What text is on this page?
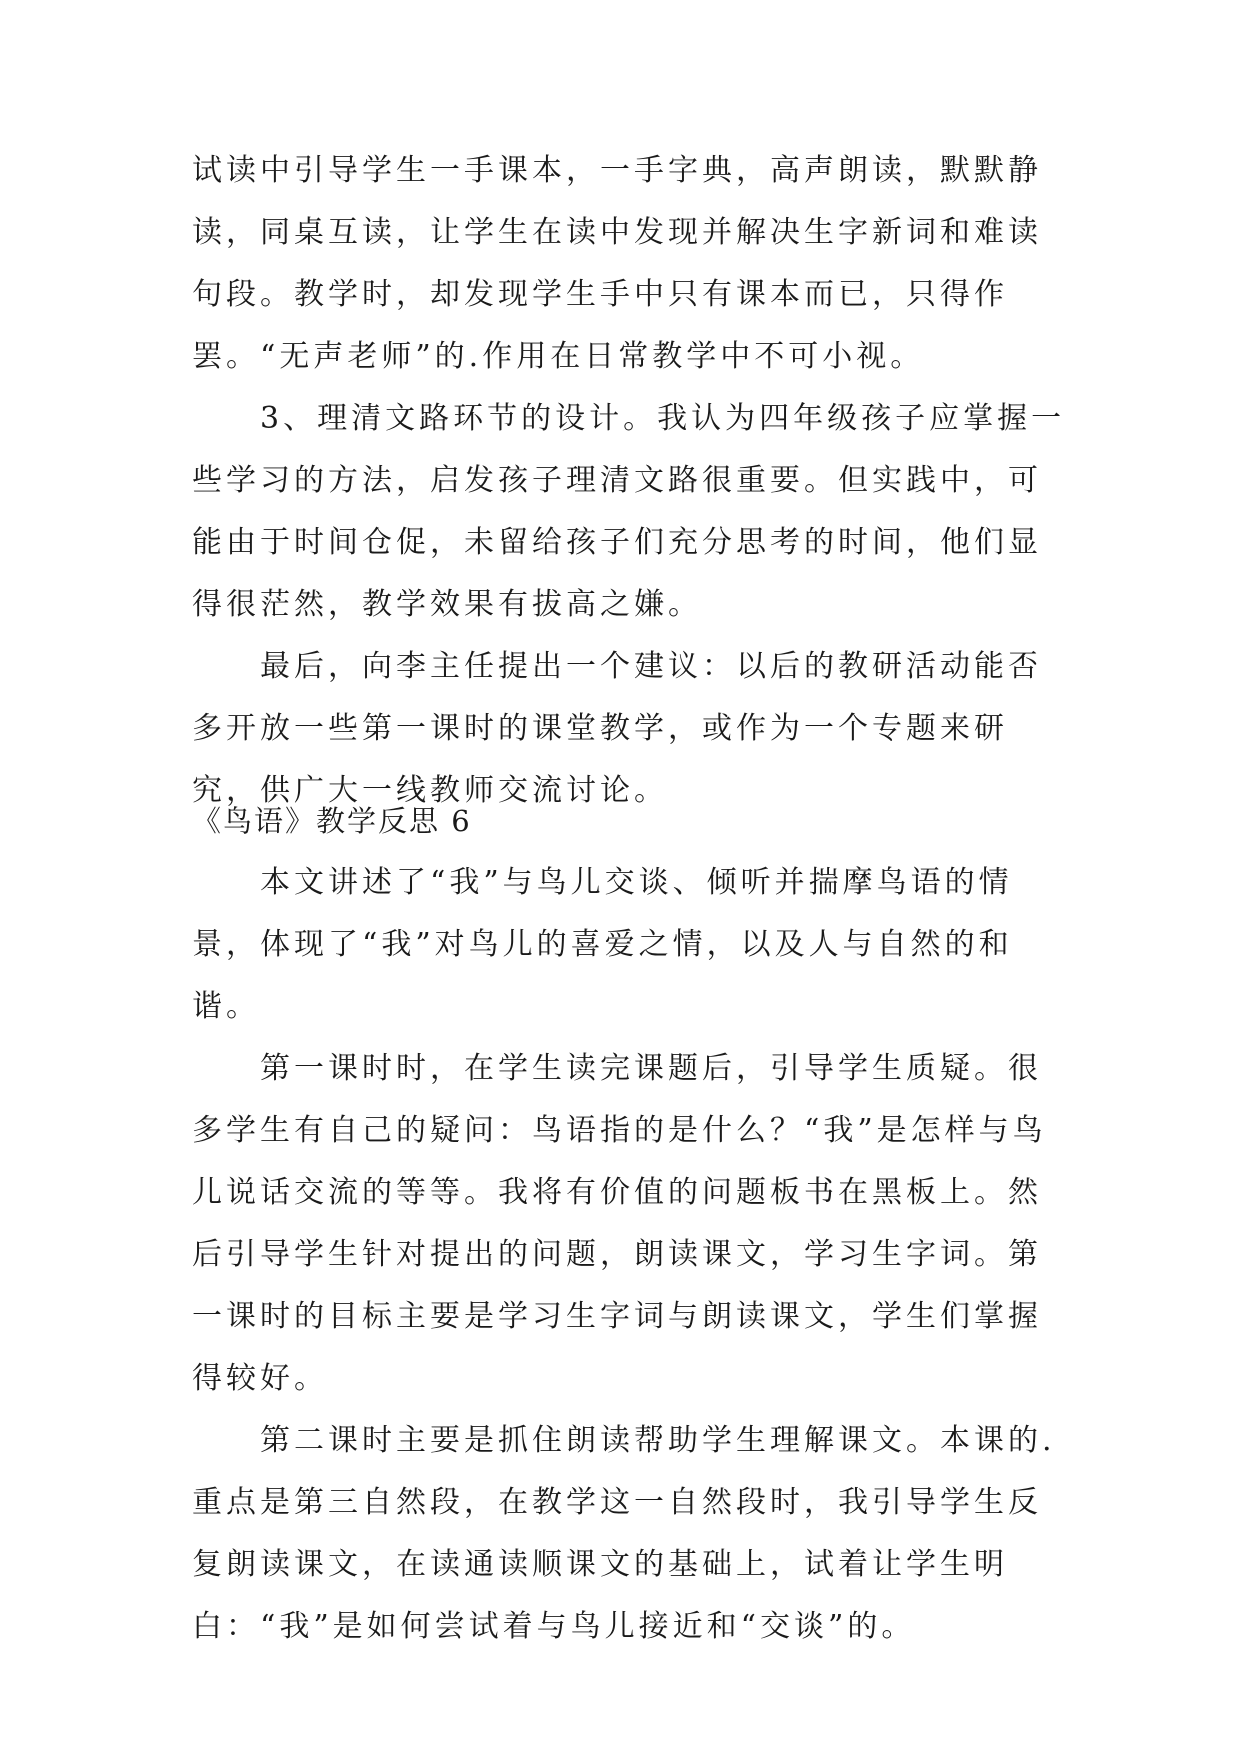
试读中引导学生一手课本，一手字典，高声朗读，默默静读，同桌互读，让学生在读中发现并解决生字新词和难读句段。教学时，却发现学生手中只有课本而已，只得作罢。“无声老师”的.作用在日常教学中不可小视。

3、理清文路环节的设计。我认为四年级孩子应掌握一些学习的方法，启发孩子理清文路很重要。但实践中，可能由于时间仓促，未留给孩子们充分思考的时间，他们显得很茫然，教学效果有拔高之嫌。

最后，向李主任提出一个建议：以后的教研活动能否多开放一些第一课时的课堂教学，或作为一个专题来研究，供广大一线教师交流讨论。

《鸟语》教学反思 6

本文讲述了“我”与鸟儿交谈、倾听并揣摩鸟语的情景，体现了“我”对鸟儿的喜爱之情，以及人与自然的和谐。

第一课时时，在学生读完课题后，引导学生质疑。很多学生有自己的疑问：鸟语指的是什么？“我”是怎样与鸟儿说话交流的等等。我将有价值的问题板书在黑板上。然后引导学生针对提出的问题，朗读课文，学习生字词。第一课时的目标主要是学习生字词与朗读课文，学生们掌握得较好。

第二课时主要是抓住朗读帮助学生理解课文。本课的.重点是第三自然段，在教学这一自然段时，我引导学生反复朗读课文，在读通读顺课文的基础上，试着让学生明白：“我”是如何尝试着与鸟儿接近和“交谈”的。
